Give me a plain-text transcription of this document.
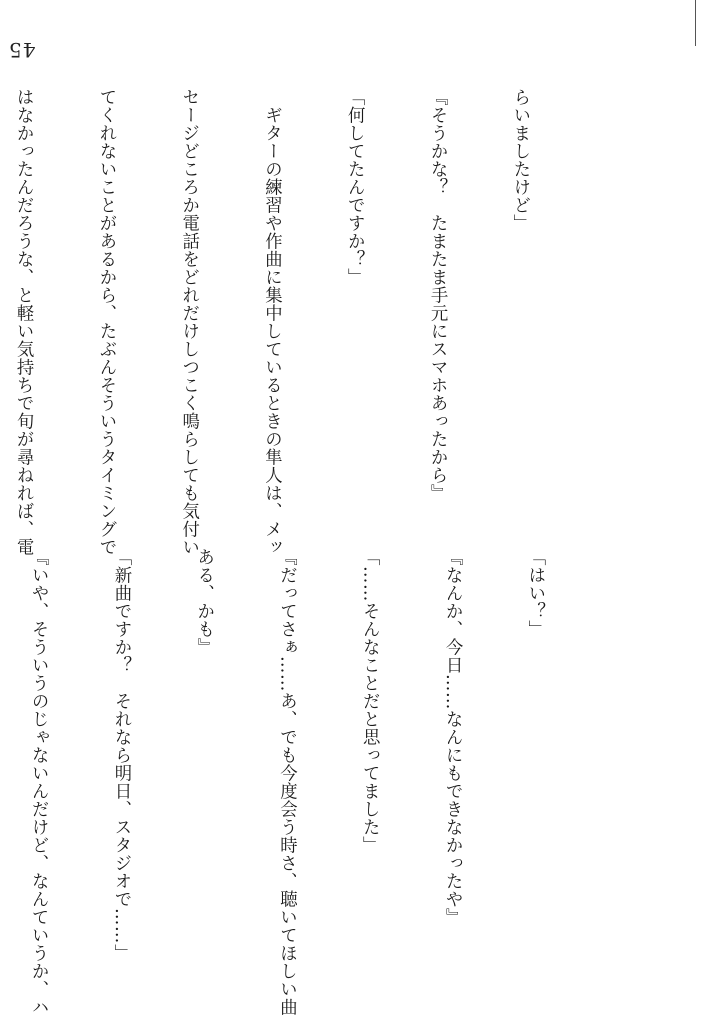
45

らいましたけど」

『そうかな？　たまたま手元にスマホあったから』

「何してたんですか？」

　ギターの練習や作曲に集中しているときの隼人は、メッ

セージどころか電話をどれだけしつこく鳴らしても気付い

てくれないことがあるから、たぶんそういうタイミングで

はなかったんだろうな、と軽い気持ちで旬が尋ねれば、電

「はい？」

『なんか、今日……なんにもできなかったや』

「……そんなことだと思ってました」

『だってさぁ……あ、でも今度会う時さ、聴いてほしい曲

ある、かも』

「新曲ですか？　それなら明日、スタジオで……」

『いや、そういうのじゃないんだけど、なんていうか、ハ
